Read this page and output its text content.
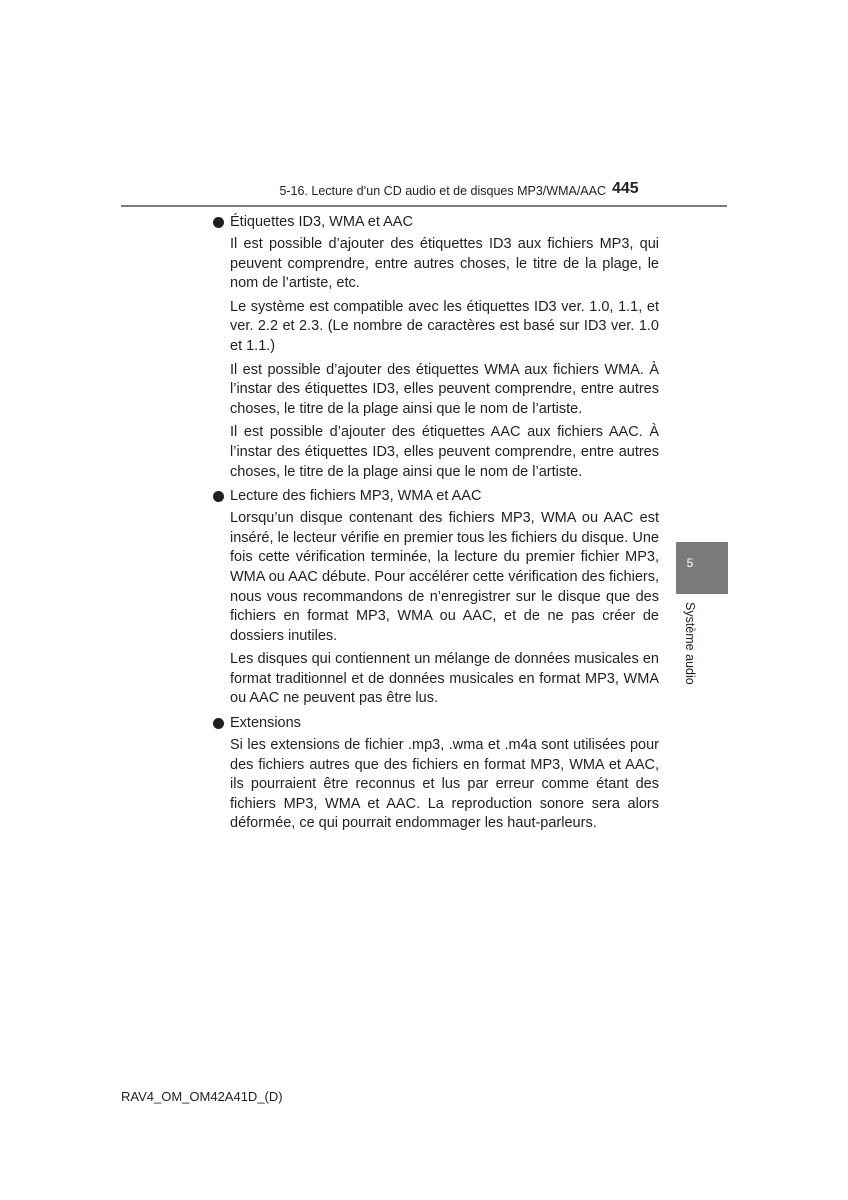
5-16. Lecture d’un CD audio et de disques MP3/WMA/AAC 445
Étiquettes ID3, WMA et AAC

Il est possible d’ajouter des étiquettes ID3 aux fichiers MP3, qui peuvent comprendre, entre autres choses, le titre de la plage, le nom de l’artiste, etc.

Le système est compatible avec les étiquettes ID3 ver. 1.0, 1.1, et ver. 2.2 et 2.3. (Le nombre de caractères est basé sur ID3 ver. 1.0 et 1.1.)

Il est possible d’ajouter des étiquettes WMA aux fichiers WMA. À l’instar des étiquettes ID3, elles peuvent comprendre, entre autres choses, le titre de la plage ainsi que le nom de l’artiste.

Il est possible d’ajouter des étiquettes AAC aux fichiers AAC. À l’instar des étiquettes ID3, elles peuvent comprendre, entre autres choses, le titre de la plage ainsi que le nom de l’artiste.

Lecture des fichiers MP3, WMA et AAC

Lorsqu’un disque contenant des fichiers MP3, WMA ou AAC est inséré, le lecteur vérifie en premier tous les fichiers du disque. Une fois cette vérification terminée, la lecture du premier fichier MP3, WMA ou AAC débute. Pour accélérer cette vérification des fichiers, nous vous recommandons de n’enregistrer sur le disque que des fichiers en format MP3, WMA ou AAC, et de ne pas créer de dossiers inutiles.

Les disques qui contiennent un mélange de données musicales en format traditionnel et de données musicales en format MP3, WMA ou AAC ne peuvent pas être lus.

Extensions

Si les extensions de fichier .mp3, .wma et .m4a sont utilisées pour des fichiers autres que des fichiers en format MP3, WMA et AAC, ils pourraient être reconnus et lus par erreur comme étant des fichiers MP3, WMA et AAC. La reproduction sonore sera alors déformée, ce qui pourrait endommager les haut-parleurs.

5
Système audio
RAV4_OM_OM42A41D_(D)
